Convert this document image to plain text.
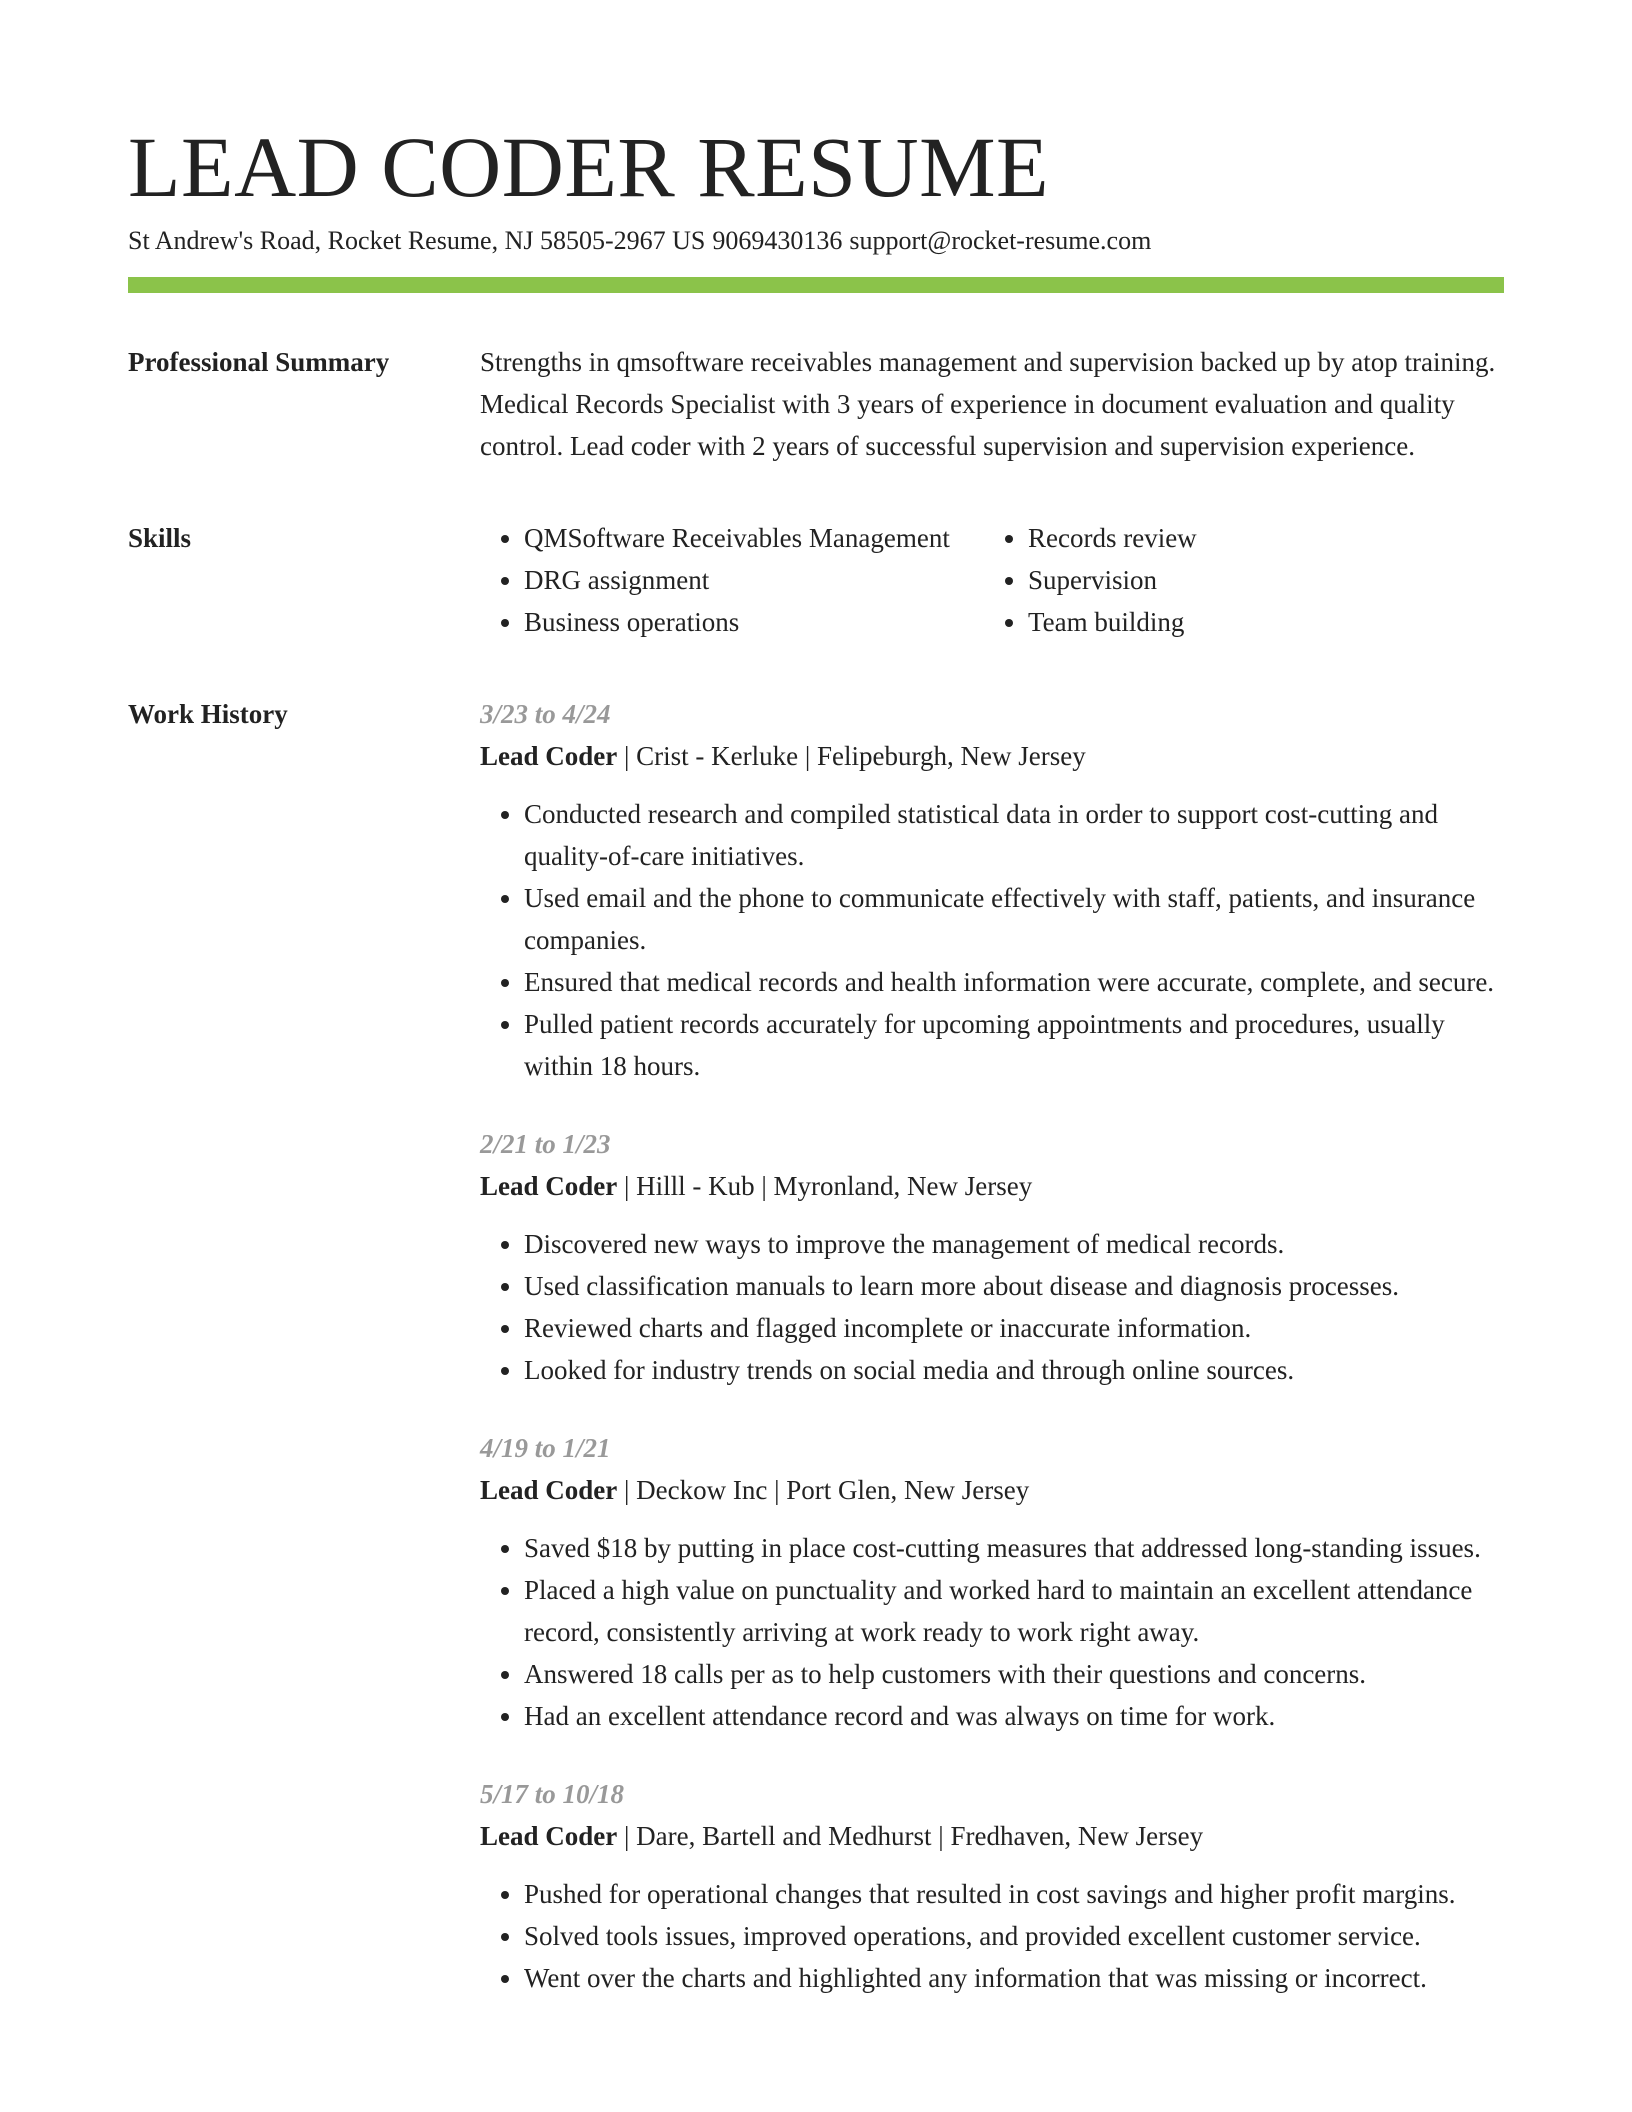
LEAD CODER RESUME
St Andrew's Road, Rocket Resume, NJ 58505-2967 US 9069430136 support@rocket-resume.com
Professional Summary	Strengths in qmsoftware receivables management and supervision backed up by atop training. Medical Records Specialist with 3 years of experience in document evaluation and quality control. Lead coder with 2 years of successful supervision and supervision experience.

Skills
•	QMSoftware Receivables Management
• DRG assignment
• Business operations
• Records review
• Supervision
• Team building
Work History	3/23 to 4/24
Lead Coder | Crist - Kerluke | Felipeburgh, New Jersey
• Conducted research and compiled statistical data in order to support cost-cutting and quality-of-care initiatives.
• Used email and the phone to communicate effectively with staff, patients, and insurance companies.
• Ensured that medical records and health information were accurate, complete, and secure.
• Pulled patient records accurately for upcoming appointments and procedures, usually within 18 hours.
2/21 to 1/23
Lead Coder | Hilll - Kub | Myronland, New Jersey
• Discovered new ways to improve the management of medical records.
• Used classification manuals to learn more about disease and diagnosis processes.
• Reviewed charts and flagged incomplete or inaccurate information.
• Looked for industry trends on social media and through online sources.
4/19 to 1/21
Lead Coder | Deckow Inc | Port Glen, New Jersey
• Saved $18 by putting in place cost-cutting measures that addressed long-standing issues.
• Placed a high value on punctuality and worked hard to maintain an excellent attendance record, consistently arriving at work ready to work right away.
• Answered 18 calls per as to help customers with their questions and concerns.
• Had an excellent attendance record and was always on time for work.
5/17 to 10/18
Lead Coder | Dare, Bartell and Medhurst | Fredhaven, New Jersey
• Pushed for operational changes that resulted in cost savings and higher profit margins.
• Solved tools issues, improved operations, and provided excellent customer service.
• Went over the charts and highlighted any information that was missing or incorrect.
